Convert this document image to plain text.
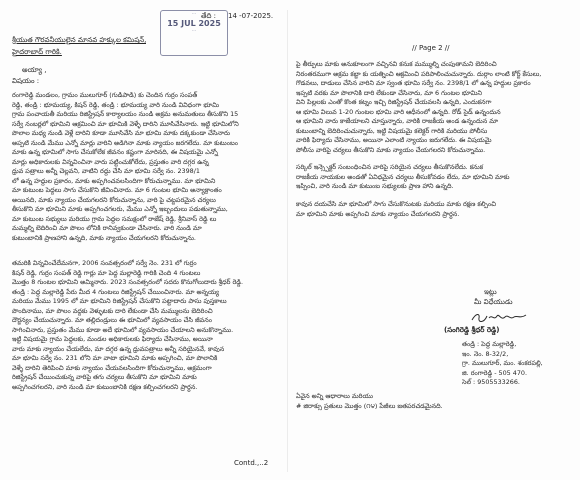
తేది : 14 -07-2025.
...
15 JUL 2025
...
శ్రీయుత గౌరవనీయులైన మానవ హక్కుల కమిషన్,
హైదరాబాద్ గారికి.
అయ్యా ,
విషయం :
రంగారెడ్డి మండలం, గ్రామం ములుగూర్ (గుడిపాడి) కు చెందిన గుర్రం సంపత్
రెడ్డి, తండ్రి : భూమయ్య, కిషన్ రెడ్డి, తండ్రి : భూమయ్య వారి నుండి వివిధంగా భూమి
గ్రామ పంచాయతీ మరియు రిజిస్ట్రేషన్ కార్యాలయం నుండి అక్రమ అనుమతులు తీసుకొని 15
సర్వే నంబర్లలో భూమిని ఆక్రమించి మా భూమికి వెళ్ళే దారిని మూసివేసినారు. ఇట్టి భూమిలోని
పొలాల మధ్య నుండి వెళ్లే దారిని కూడా మూసివేసి మా భూమి మాకు దక్కకుండా చేసినారు
అప్పటి నుండి మేము ఎన్నో మార్లు వారిని అడిగినా మాకు న్యాయం జరగలేదు. మా కుటుంబం
మాకు ఉన్న భూమిలో సాగు చేసుకోలేక జీవనం కష్టంగా మారినది, ఈ విషయమై ఎన్నో
మార్లు అధికారులకు విన్నవించినా వారు పట్టించుకోలేదు, ప్రస్తుతం వారి దగ్గర ఉన్న
ధ్రువ పత్రాలు అన్నీ చెల్లవని, వాటిని రద్దు చేసి మా భూమి సర్వే నం. 2398/1
లో ఉన్న హద్దుల ప్రకారం, మాకు అప్పగించవలసిందిగా కోరుచున్నాము. మా భూమిని
మా కుటుంబ పెద్దలు సాగు చేసుకొని జీవించినారు. మా 6 గుంటల భూమి అన్యాక్రాంతం
అయినది, మాకు న్యాయం చేయగలరని కోరుచున్నాను, వారి పై చట్టపరమైన చర్యలు
తీసుకొని మా భూమిని మాకు అప్పగించగలరు, మేము ఎన్నో ఇబ్బందులు పడుతున్నాము,
మా కుటుంబ సభ్యులు మరియు గ్రామ పెద్దల సమక్షంలో రాజేష్ రెడ్డి, శ్రీనివాస్ రెడ్డి లు
మమ్మల్ని బెదిరించి మా పొలం లోనికి రానివ్వకుండా చేసినారు. వారి నుండి మా
కుటుంబానికి ప్రాణహాని ఉన్నది, మాకు న్యాయం చేయగలరని కోరుచున్నాను.
తమరికి విన్నవించేదేమనగా, 2006 సంవత్సరంలో సర్వే నెం. 231 లో గుర్రం
కిషన్ రెడ్డి, గుర్రం సంపత్ రెడ్డి గార్లు మా పెద్ద మల్లారెడ్డి గారికి చెంది 4 గుంటలు
మొత్తం 8 గుంటల భూమిని అమ్మినారు. 2023 సంవత్సరంలో సదరు కొనుగోలుదారు శ్రీధర్ రెడ్డి.
తండ్రి : పెద్ద మల్లారెడ్డి పేరు మీద 4 గుంటలు రిజిస్ట్రేషన్ చేయించినారు. మా అన్నయ్య
మరియు మేము 1995 లో మా భూమిని రిజిస్ట్రేషన్ చేసుకొని పట్టాదారు పాసు పుస్తకాలు
పొందినాము, మా పొలం వద్దకు వెళ్ళుటకు దారి లేకుండా చేసి మమ్ములను బెదిరించి
దౌర్జన్యం చేయుచున్నారు. మా తల్లిదండ్రులు ఈ భూమిలో వ్యవసాయం చేసి జీవనం
సాగించినారు, ప్రస్తుతం మేము కూడా అదే భూమిలో వ్యవసాయం చేయాలని అనుకొన్నాము.
ఇట్టి విషయమై గ్రామ పెద్దలకు, మండల అధికారులకు ఫిర్యాదు చేసినాము, అయినా
వారు మాకు న్యాయం చేయలేదు, మా దగ్గర ఉన్న ధ్రువపత్రాలు అన్నీ సరియైనవే, కావున
మా భూమి సర్వే నం. 231 లోని మా వాటా భూమిని మాకు అప్పగించి, మా పొలానికి
వెళ్ళే దారిని తెరిపించి మాకు న్యాయం చేయవలసిందిగా కోరుచున్నాము, అక్రమంగా
రిజిస్ట్రేషన్ చేయించుకున్న వారిపై తగు చర్యలు తీసుకొని మా భూమిని మాకు
అప్పగించగలరని, వారి నుండి మా కుటుంబానికి రక్షణ కల్పించగలరని ప్రార్థన.
Contd.,..2
// Page 2 //
పై తీర్పులు మాకు అనుకూలంగా వచ్చినవి కనుక మమ్ముల్ని చంపుతామని బెదిరించి
నిరంతరముగా అక్రమ కబ్జా కు యత్నించి ఆక్రమించి పరిపాలించుచున్నారు. దుర్గాం లాంటి కోర్ట్ కేసులు,
గొడవలు, దాడులు చేసిన వారిని మా స్వంత భూమి సర్వే నం. 2398/1 లో ఉన్న హద్దుల ప్రకారం
ఇప్పటి వరకు మా పొలానికి దారి లేకుండా చేసినారు, మా 6 గుంటల భూమిని
విని పిల్లలకు ఎంతో కొంత కట్నం ఇచ్చి రిజిస్ట్రేషన్ చేయవలసి ఉన్నది, ఎందుకనగా
ఆ భూమి విలువ 1-20 గుంటల భూమి వారి ఆధీనంలో ఉన్నది. రోడ్ సైడ్ ఉన్నందున
ఆ భూమిని వారు కాజేయాలని చూస్తున్నారు, వారికి రాజకీయ అండ ఉన్నందున మా
కుటుంబాన్ని బెదిరించుచున్నారు, ఇట్టి విషయమై కలెక్టర్ గారికి మరియు పోలీసు
వారికి ఫిర్యాదు చేసినాము, అయినా ఎలాంటి న్యాయం జరుగలేదు. ఈ విషయమై
పోలీసు వారిపై చర్యలు తీసుకొని మాకు న్యాయం చేయగలరని కోరుచున్నాము.
సర్కిల్ ఇన్స్పెక్టర్ సంబంధించిన వారిపై సరియైన చర్యలు తీసుకొనలేదు. కనుక
రాజకీయ నాయకుల అండతో ఏవిధమైన చర్యలు తీసుకోవడం లేదు, మా భూమిని మాకు
ఇప్పించి, వారి నుండి మా కుటుంబ సభ్యులకు ప్రాణ హాని ఉన్నది.
కావున దయచేసి మా భూమిలో సాగు చేసుకొనుటకు మరియు మాకు రక్షణ కల్పించి
మా భూమిని మాకు అప్పగించి మాకు న్యాయం చేయగలరని ప్రార్థన.
ఇట్లు
మీ విధేయుడు
(సంగిరెడ్డి శ్రీధర్ రెడ్డి)
తండ్రి : పెద్ద మల్లారెడ్డి,
ఇం. నెం. 8-32/2,
గ్రా. ములుగూర్, మం. శంకరపల్లి,
జి. రంగారెడ్డి - 505 470.
సెల్ : 9505533266.
ఏవైన అన్ని ఆధారాలు మరియు
# జిరాక్సు ప్రతులు మొత్తం (౧౪) పేజీలు జతపరచడమైనది.
